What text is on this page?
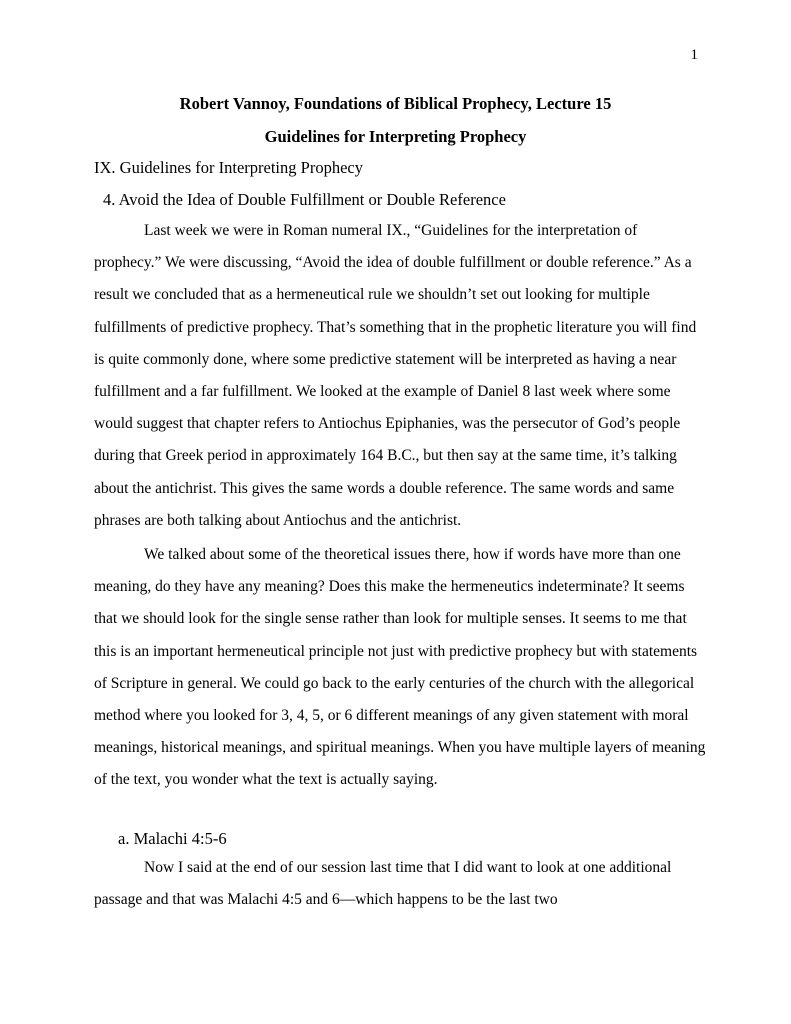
1
Robert Vannoy, Foundations of Biblical Prophecy, Lecture 15
Guidelines for Interpreting Prophecy
IX. Guidelines for Interpreting Prophecy
4. Avoid the Idea of Double Fulfillment or Double Reference

Last week we were in Roman numeral IX., “Guidelines for the interpretation of prophecy.” We were discussing, “Avoid the idea of double fulfillment or double reference.” As a result we concluded that as a hermeneutical rule we shouldn’t set out looking for multiple fulfillments of predictive prophecy. That’s something that in the prophetic literature you will find is quite commonly done, where some predictive statement will be interpreted as having a near fulfillment and a far fulfillment. We looked at the example of Daniel 8 last week where some would suggest that chapter refers to Antiochus Epiphanies, was the persecutor of God’s people during that Greek period in approximately 164 B.C., but then say at the same time, it’s talking about the antichrist. This gives the same words a double reference. The same words and same phrases are both talking about Antiochus and the antichrist.

We talked about some of the theoretical issues there, how if words have more than one meaning, do they have any meaning? Does this make the hermeneutics indeterminate? It seems that we should look for the single sense rather than look for multiple senses. It seems to me that this is an important hermeneutical principle not just with predictive prophecy but with statements of Scripture in general. We could go back to the early centuries of the church with the allegorical method where you looked for 3, 4, 5, or 6 different meanings of any given statement with moral meanings, historical meanings, and spiritual meanings. When you have multiple layers of meaning of the text, you wonder what the text is actually saying.

a. Malachi 4:5-6

Now I said at the end of our session last time that I did want to look at one additional passage and that was Malachi 4:5 and 6—which happens to be the last two
